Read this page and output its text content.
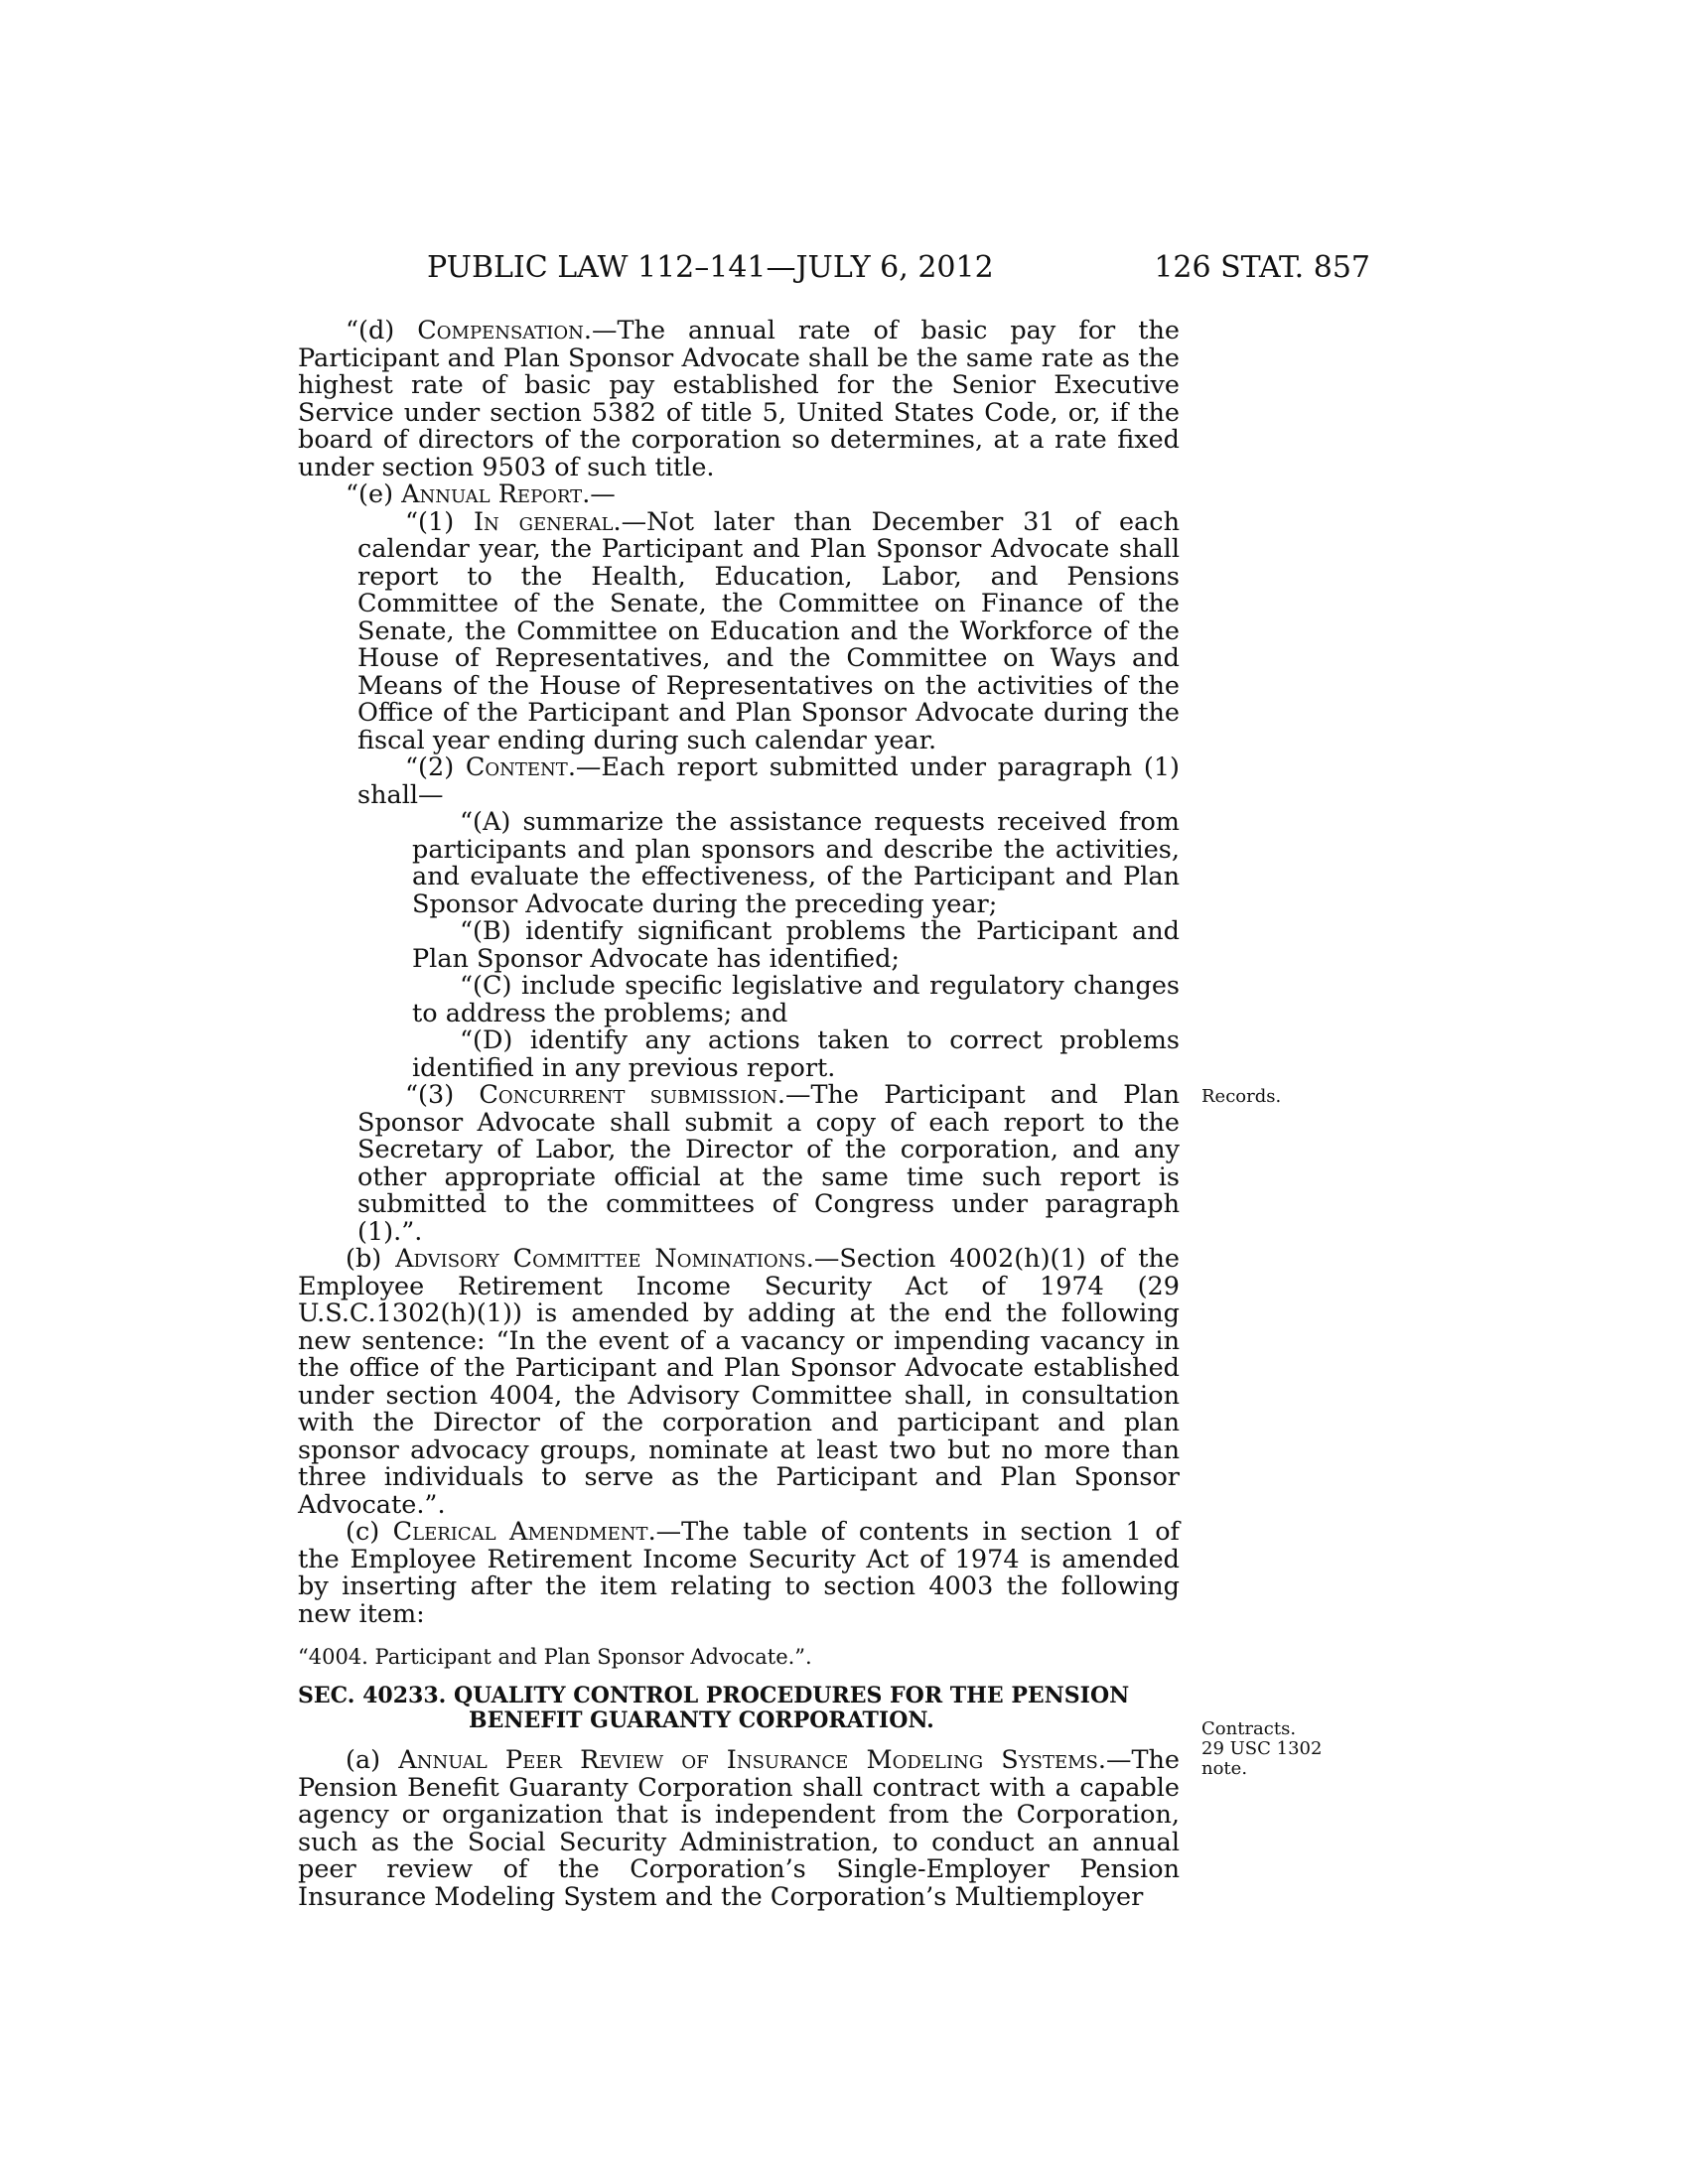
PUBLIC LAW 112–141—JULY 6, 2012	126 STAT. 857

“(d) Compensation.—The annual rate of basic pay for the Participant and Plan Sponsor Advocate shall be the same rate as the highest rate of basic pay established for the Senior Executive Service under section 5382 of title 5, United States Code, or, if the board of directors of the corporation so determines, at a rate fixed under section 9503 of such title.

“(e) Annual Report.—

“(1) In general.—Not later than December 31 of each calendar year, the Participant and Plan Sponsor Advocate shall report to the Health, Education, Labor, and Pensions Committee of the Senate, the Committee on Finance of the Senate, the Committee on Education and the Workforce of the House of Representatives, and the Committee on Ways and Means of the House of Representatives on the activities of the Office of the Participant and Plan Sponsor Advocate during the fiscal year ending during such calendar year.

“(2) Content.—Each report submitted under paragraph (1) shall—

“(A) summarize the assistance requests received from participants and plan sponsors and describe the activities, and evaluate the effectiveness, of the Participant and Plan Sponsor Advocate during the preceding year;

“(B) identify significant problems the Participant and Plan Sponsor Advocate has identified;

“(C) include specific legislative and regulatory changes to address the problems; and

“(D) identify any actions taken to correct problems identified in any previous report.

“(3) Concurrent submission.—The Participant and Plan Sponsor Advocate shall submit a copy of each report to the Secretary of Labor, the Director of the corporation, and any other appropriate official at the same time such report is submitted to the committees of Congress under paragraph (1).”.

(b) Advisory Committee Nominations.—Section 4002(h)(1) of the Employee Retirement Income Security Act of 1974 (29 U.S.C.1302(h)(1)) is amended by adding at the end the following new sentence: “In the event of a vacancy or impending vacancy in the office of the Participant and Plan Sponsor Advocate established under section 4004, the Advisory Committee shall, in consultation with the Director of the corporation and participant and plan sponsor advocacy groups, nominate at least two but no more than three individuals to serve as the Participant and Plan Sponsor Advocate.”.

(c) Clerical Amendment.—The table of contents in section 1 of the Employee Retirement Income Security Act of 1974 is amended by inserting after the item relating to section 4003 the following new item:

“4004. Participant and Plan Sponsor Advocate.”.

SEC. 40233. QUALITY CONTROL PROCEDURES FOR THE PENSION BENEFIT GUARANTY CORPORATION.

(a) Annual Peer Review of Insurance Modeling Systems.—The Pension Benefit Guaranty Corporation shall contract with a capable agency or organization that is independent from the Corporation, such as the Social Security Administration, to conduct an annual peer review of the Corporation’s Single-Employer Pension Insurance Modeling System and the Corporation’s Multiemployer

Records.
Contracts.
29 USC 1302
note.
